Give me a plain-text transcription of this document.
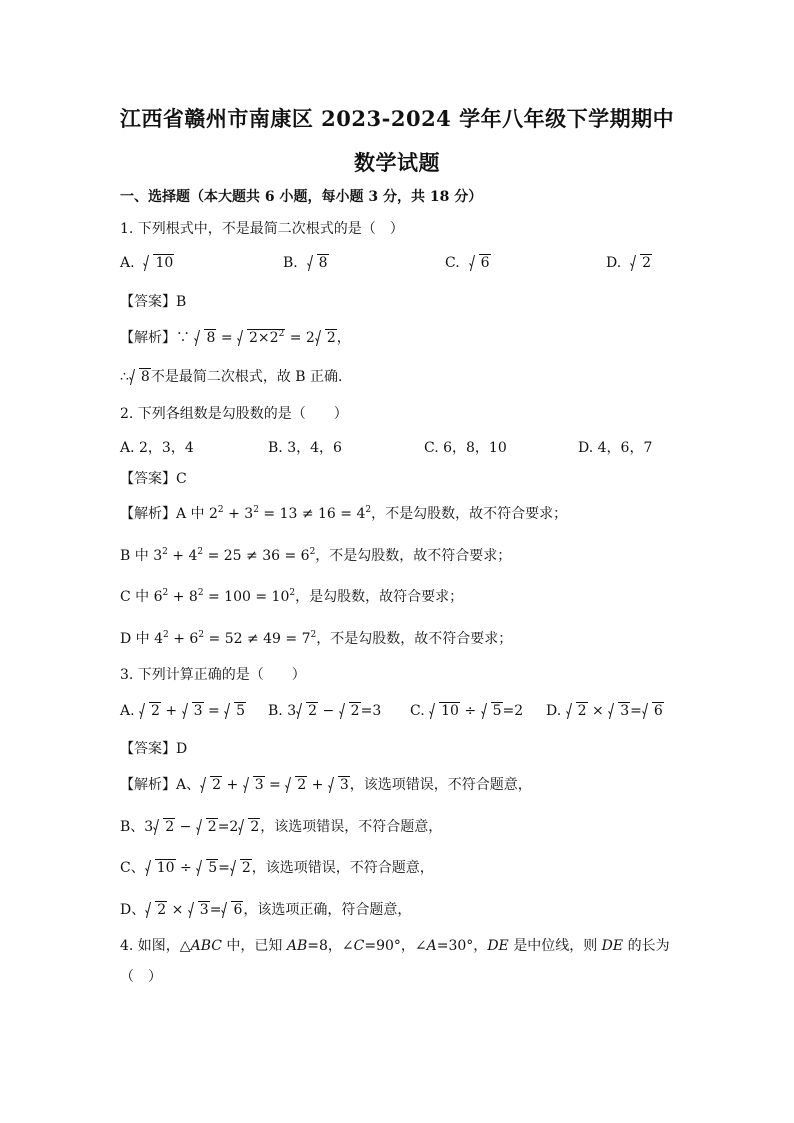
江西省赣州市南康区 2023-2024 学年八年级下学期期中
数学试题
一、选择题（本大题共 6 小题，每小题 3 分，共 18 分）
1. 下列根式中，不是最简二次根式的是（　）
A. 10	B. 8	C. 6	D. 2
【答案】B
【解析】∵ $8 = 2\times 2^2 = 2$ 2，
∴ 8不是最简二次根式，故 B 正确.
2. 下列各组数是勾股数的是（　　）
A. 2，3，4	B. 3，4，6	C. 6，8，10	D. 4，6，7
【答案】C
【解析】A 中 $2^2 + 3^2 = 13 \ne 16 = 4^2$，不是勾股数，故不符合要求；
B 中 $3^2 + 4^2 = 25 \ne 36 = 6^2$，不是勾股数，故不符合要求；
C 中 $6^2 + 8^2 = 100 = 10^2$，是勾股数，故符合要求；
D 中 $4^2 + 6^2 = 52 \ne 49 = 7^2$，不是勾股数，故不符合要求；
3. 下列计算正确的是（　　）
A. 2 + 3 = 5 B. 3 2 − 2=3 C. 10 ÷ 5=2 D. 2 × 3= 6
【答案】D
【解析】A、 2 + 3 = 2 + 3，该选项错误，不符合题意，
B、3 2 − 2=2 2，该选项错误，不符合题意，
C、 10 ÷ 5= 2，该选项错误，不符合题意，
D、 2 × 3= 6，该选项正确，符合题意，
4. 如图，△ABC 中，已知 AB=8，∠C=90°，∠A=30°，DE 是中位线，则 DE 的长为
（　）
